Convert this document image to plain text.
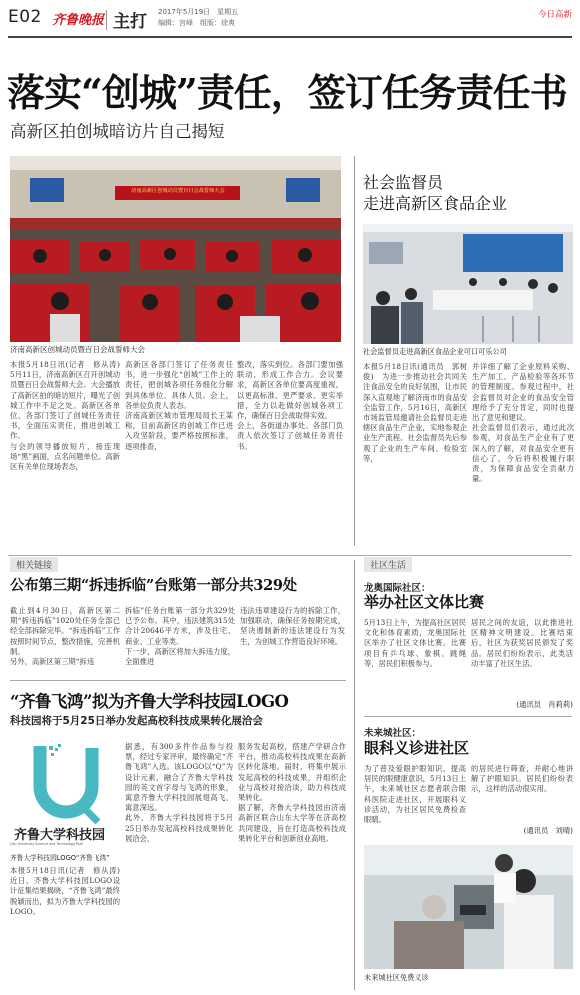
E02 齐鲁晚报 主打 2017年5月19日　星期五
编辑：宫峰　组版：徐爽
今日高新
落实“创城”责任，签订任务责任书
高新区拍创城暗访片自己揭短
济南高新区创城动员暨百日会战誓师大会
济南高新区创城动员暨百日会战誓师大会
本报5月18日讯(记者　修从涛)　5月11日，济南高新区召开创城动员暨百日会战誓师大会。大会播放了高新区拍的暗访短片，曝光了创城工作中不足之处。高新区各单位、各部门签订了创城任务责任书，全面压实责任，推进创城工作。
与会的领导播放短片，接连现场“黑”画面，点名问题单位。高新区有关单位现场表态，
高新区各部门签订了任务责任书，进一步强化“创城”工作上的责任，把创城各项任务细化分解到具体单位、具体人员。会上，各单位负责人表态。
济南高新区城市管理局局长王某称，目前高新区的创城工作已进入攻坚阶段，要严格按照标准，逐项排查，
整改，落实到位。各部门要加强联动，形成工作合力。会议要求，高新区各单位要高度重视，以更高标准、更严要求、更实举措，全力以赴做好创城各项工作，确保百日会战取得实效。
会上，各街道办事处、各部门负责人依次签订了创城任务责任书。
社会监督员
走进高新区食品企业
社会监督员走进高新区食品企业可口可乐公司
本报5月18日讯(通讯员　郭树俊)　为进一步推动社会共同关注食品安全的良好氛围，让市民深入直观地了解济南市的食品安全监管工作，5月16日，高新区市场监管局邀请社会监督员走进辖区食品生产企业，实地参观企业生产流程。社会监督员先后参观了企业的生产车间、检验室等，
并详细了解了企业原料采购、生产加工、产品检验等各环节的管理制度。参观过程中，社会监督员对企业的食品安全管理给予了充分肯定，同时也提出了意见和建议。
社会监督员们表示，通过此次参观，对食品生产企业有了更深入的了解，对食品安全更有信心了，今后将积极履行职责，为保障食品安全贡献力量。
相关链接	社区生活
公布第三期“拆违拆临”台账第一部分共329处
截止到4月30日，高新区第二期“拆违拆临”1020处任务全部已经全部拆除完毕。“拆违拆临”工作按照时间节点，整改措施，完善机制。
另外，高新区第三期“拆违
拆临”任务台账第一部分共329处已予公布。其中，违法建筑315处合计20646平方米，涉及住宅、商业、工业等类。
下一步，高新区将加大拆违力度，全面推进
违法违章建设行为的拆除工作，加强联动，确保任务按期完成，坚决遏制新的违法建设行为发生，为创城工作营造良好环境。
“齐鲁飞鸿”拟为齐鲁大学科技园LOGO
科技园将于5月25日举办发起高校科技成果转化展洽会
齐鲁大学科技园
Qilu University Science and Technology Park
齐鲁大学科技园LOGO“齐鲁飞鸿”
本报5月18日讯(记者　修从涛)　近日，齐鲁大学科技园LOGO设计征集结果揭晓，“齐鲁飞鸿”最终脱颖而出，拟为齐鲁大学科技园的LOGO。
据悉，有300多件作品参与投票，经过专家评审，最终确定“齐鲁飞鸿”入选。该LOGO以“Q”为设计元素，融合了齐鲁大学科技园的英文首字母与飞鸿的形象，寓意齐鲁大学科技园展翅高飞，寓意深远。
此外，齐鲁大学科技园将于5月25日举办发起高校科技成果转化展洽会，
服务发起高校，搭建产学研合作平台，推动高校科技成果在高新区转化落地。届时，将集中展示发起高校的科技成果，并组织企业与高校对接洽谈，助力科技成果转化。
据了解，齐鲁大学科技园由济南高新区联合山东大学等在济高校共同建设，旨在打造高校科技成果转化平台和创新创业高地。
龙奥国际社区：
举办社区文体比赛
5月13日上午，为提高社区居民文化和体育素质，龙奥国际社区举办了社区文体比赛。比赛项目有乒乓球、象棋、跳绳等，居民们积极参与。
居民之间的友谊，以此推进社区精神文明建设。比赛结束后，社区为获奖居民颁发了奖品。居民们纷纷表示，此类活动丰富了社区生活。
(通讯员　肖莉莉)
未来城社区：
眼科义诊进社区
为了普及爱眼护眼知识，提高居民的眼健康意识，5月13日上午，未来城社区志愿者联合眼科医院走进社区，开展眼科义诊活动，为社区居民免费检查眼睛。
的居民进行筛查，并耐心地讲解了护眼知识。居民们纷纷表示，这样的活动很实用。
(通讯员　刘晴)
未来城社区免费义诊
